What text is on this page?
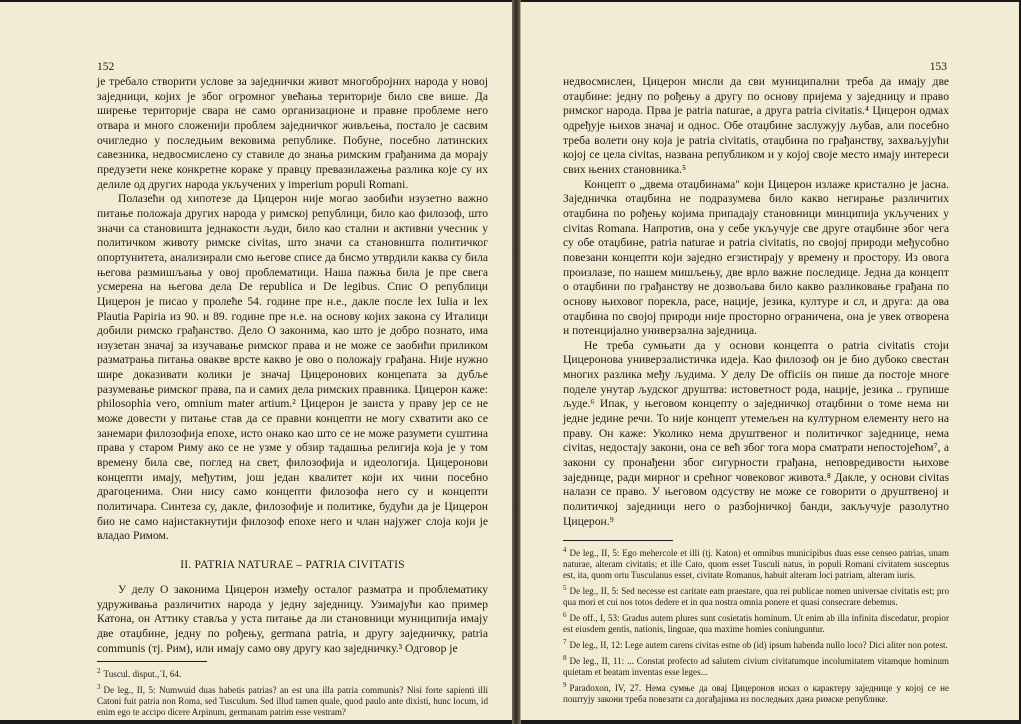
152

је требало створити услове за заједнички живот многобројних народа у новој заједници, којих је због огромног увећања територије било све више. Да ширење територије свара не само организационе и правне проблеме него отвара и много сложенији проблем заједничког живљења, постало је сасвим очигледно у последњим вековима републике. Побуне, посебно латинских савезника, недвосмислено су ставиле до знања римским грађанима да морају предузети неке конкретне кораке у правцу превазилажења разлика које су их делиле од других народа укључених у imperium populi Romani.

Полазећи од хипотезе да Цицерон није могао заобићи изузетно важно питање положаја других народа у римској републици, било као филозоф, што значи са становишта једнакости људи, било као стални и активни учесник у политичком животу римске civitas, што значи са становишта политичког опортунитета, анализирали смо његове списе да бисмо утврдили каква су била његова размишљања у овој проблематици. Наша пажња била је пре свега усмерена на његова дела De republica и De legibus. Спис О републици Цицерон је писао у пролеће 54. године пре н.е., дакле после lex Iulia и lex Plautia Papiria из 90. и 89. године пре н.е. на основу којих закона су Италици добили римско грађанство. Дело О законима, као што је добро познато, има изузетан значај за изучавање римског права и не може се заобићи приликом разматрања питања овакве врсте какво је ово о положају грађана. Није нужно шире доказивати колики је значај Цицеронових концепата за дубље разумевање римског права, па и самих дела римских правника. Цицерон каже: philosophia vero, omnium mater artium.² Цицерон је заиста у праву јер се не може довести у питање став да се правни концепти не могу схватити ако се занемари филозофија епохе, исто онако као што се не може разумети суштина права у старом Риму ако се не узме у обзир тадашња религија која је у том времену била све, поглед на свет, филозофија и идеологија. Цицеронови концепти имају, међутим, још један квалитет који их чини посебно драгоценима. Они нису само концепти филозофа него су и концепти политичара. Синтеза су, дакле, филозофије и политике, будући да је Цицерон био не само најистакнутији филозоф епохе него и члан најужег слоја који је владао Римом.

II. PATRIA NATURAE – PATRIA CIVITATIS

У делу О законима Цицерон између осталог разматра и проблематику удруживања различитих народа у једну заједницу. Узимајући као пример Катона, он Аттику ставља у уста питање да ли становници муниципија имају две отаџбине, једну по рођењу, germana patria, и другу заједничку, patria communis (тј. Рим), или имају само ову другу као заједничку.³ Одговор је

$^2$ Tuscul. disput.,´I, 64.

$^3$ De leg., II, 5: Numwuid duas habetis patrias? an est una illa patria communis? Nisi forte sapienti illi Catoni fuit patria non Roma, sed Tusculum. Sed illud tamen quale, quod paulo ante dixisti, hunc locum, id enim ego te accipo dicere Arpinum, germanam patrim esse vestram?

153

недвосмислен, Цицерон мисли да сви муниципални треба да имају две отаџбине: једну по рођењу а другу по основу пријема у заједницу и право римског народа. Прва је patria naturae, а друга patria civitatis.⁴ Цицерон одмах одређује њихов значај и однос. Обе отаџбине заслужују љубав, али посебно треба волети ону која је patria civitatis, отаџбина по грађанству, захваљујући којој се цела civitas, названа републиком и у којој своје место имају интереси свих њених становника.⁵

Концепт о „двема отаџбинама" који Цицерон излаже кристално је јасна. Заједничка отаџбина не подразумева било какво негирање различитих отаџбина по рођењу којима припадају становници минципија укључених у civitas Romana. Напротив, она у себе укључује све друге отаџбине због чега су обе отаџбине, patria naturae и patria civitatis, по својој природи међусобно повезани концепти који заједно егзистирају у времену и простору. Из овога произлазе, по нашем мишљењу, две врло важне последице. Једна да концепт о отаџбини по грађанству не дозвољава било какво разликовање грађана по основу њиховог порекла, расе, нације, језика, културе и сл, и друга: да ова отаџбина по својој природи није просторно ограничена, она је увек отворена и потенцијално универзална заједница.

Не треба сумњати да у основи концепта о patria civitatis стоји Цицеронова универзалистичка идеја. Као филозоф он је био дубоко свестан многих разлика међу људима. У делу De officiis он пише да постоје многе поделе унутар људског друштва: истоветност рода, нације, језика .. групише људе.⁶ Ипак, у његовом концепту о заједничкој отаџбини о томе нема ни једне једине речи. То није концепт утемељен на културном елементу него на праву. Он каже: Уколико нема друштвеног и политичког заједнице, нема civitas, недостају закони, она се већ због тога мора сматрати непостојећом⁷, а закони су пронађени због сигурности грађана, неповредивости њихове заједнице, ради мирног и срећног човековог живота.⁸ Дакле, у основи civitas налази се право. У његовом одсуству не може се говорити о друштвеној и политичкој заједници него о разбојничкој банди, закључује разолутно Цицерон.⁹

$^4$ De leg., II, 5: Ego mehercole et illi (tj. Katon) et omnibus municipibus duas esse censeo patrias, unam naturae, alteram civitatis; et ille Cato, quom esset Tusculi natus, in populi Romani civitatem susceptus est, ita, quom ortu Tusculanus esset, civitate Romanus, habuit alteram loci patriam, alteram iuris.

$^5$ De leg., II, 5: Sed necesse est caritate eam praestare, qua rei publicae nomen universae civitatis est; pro qua mori et cui nos totos dedere et in qua nostra omnia ponere et quasi consecrare debemus.

$^6$ De off., I, 53: Gradus autem plures sunt cosietatis hominum. Ut enim ab illa infinita discedatur, propior est eiusdem gentis, nationis, linguae, qua maxime homies coniunguntur.

$^7$ De leg., II, 12: Lege autem carens civitas estne ob (id) ipsum habenda nullo loco? Dici aliter non potest.

$^8$ De leg., II, 11: ... Constat profecto ad salutem civium civitatumque incolumitatem vitamque hominum quietam et beatam inventas esse leges...

$^9$ Paradoxon, IV, 27. Нема сумње да овај Цицеронов исказ о карактеру заједнице у којој се не поштују закони треба повезати са догађајима из последњих дана римске републике.
